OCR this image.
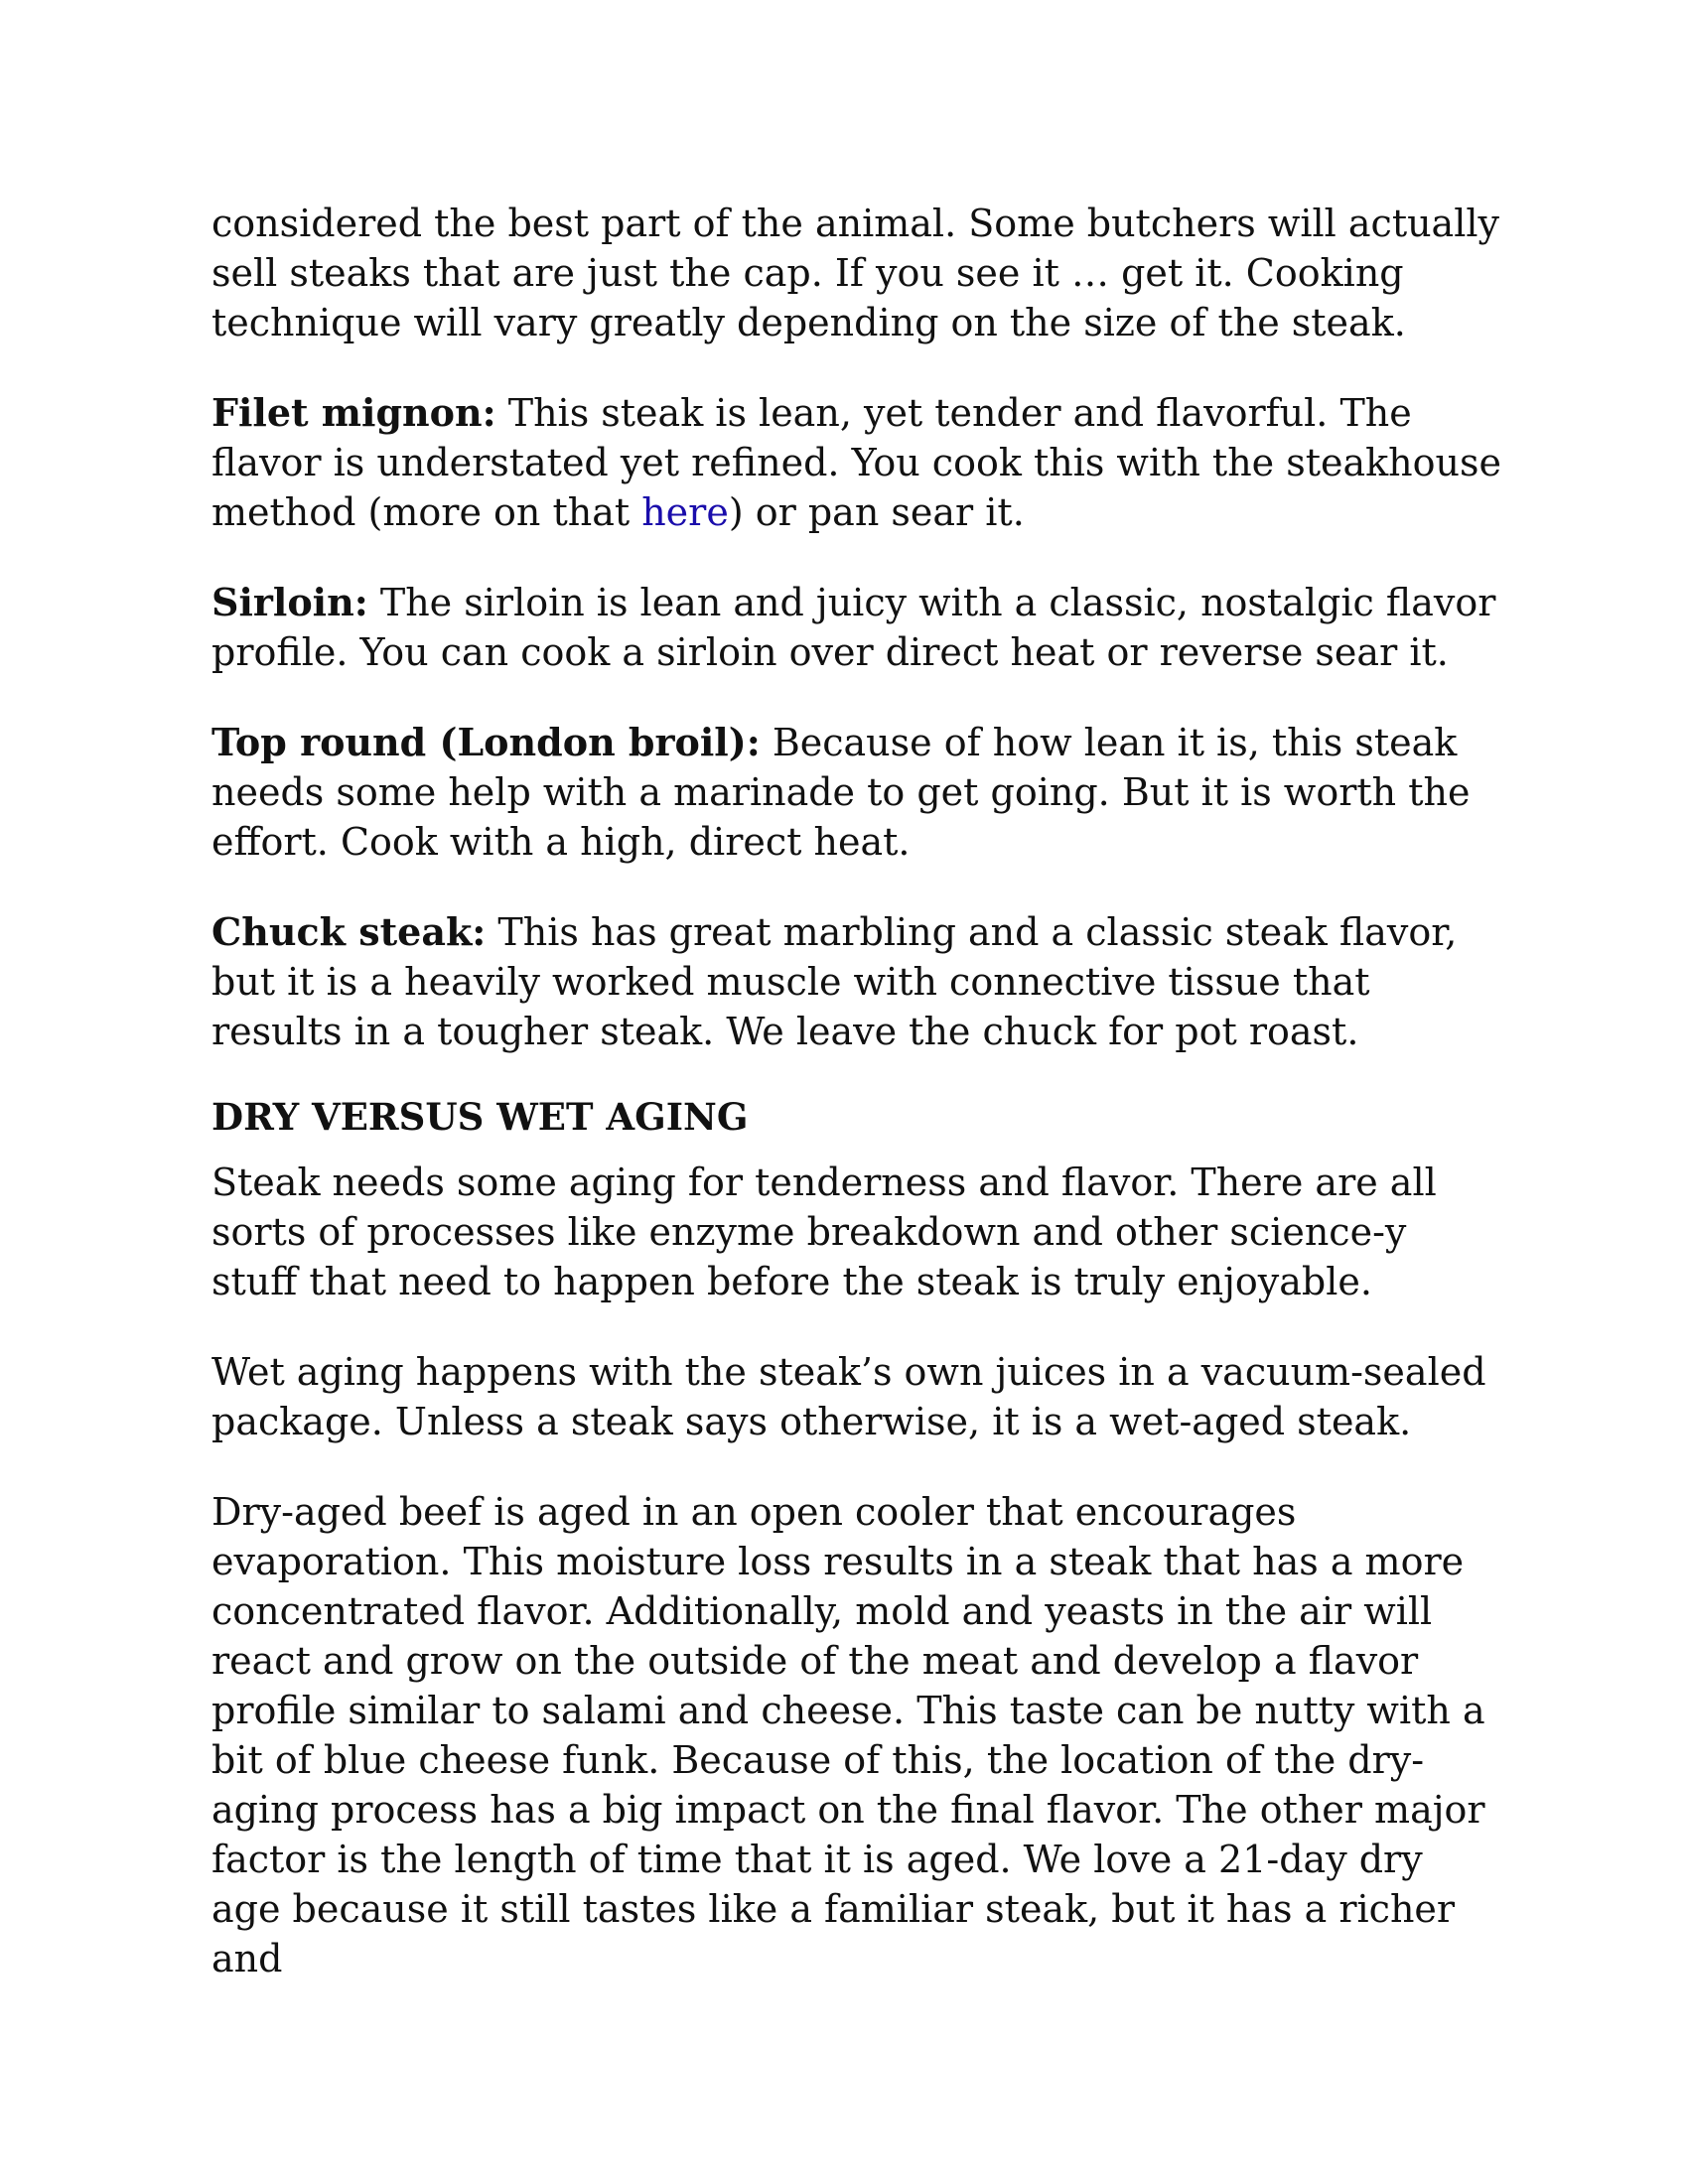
considered the best part of the animal. Some butchers will actually sell steaks that are just the cap. If you see it … get it. Cooking technique will vary greatly depending on the size of the steak.

Filet mignon: This steak is lean, yet tender and flavorful. The flavor is understated yet refined. You cook this with the steakhouse method (more on that here) or pan sear it.

Sirloin: The sirloin is lean and juicy with a classic, nostalgic flavor profile. You can cook a sirloin over direct heat or reverse sear it.

Top round (London broil): Because of how lean it is, this steak needs some help with a marinade to get going. But it is worth the effort. Cook with a high, direct heat.

Chuck steak: This has great marbling and a classic steak flavor, but it is a heavily worked muscle with connective tissue that results in a tougher steak. We leave the chuck for pot roast.

DRY VERSUS WET AGING

Steak needs some aging for tenderness and flavor. There are all sorts of processes like enzyme breakdown and other science-y stuff that need to happen before the steak is truly enjoyable.

Wet aging happens with the steak’s own juices in a vacuum-sealed package. Unless a steak says otherwise, it is a wet-aged steak.

Dry-aged beef is aged in an open cooler that encourages evaporation. This moisture loss results in a steak that has a more concentrated flavor. Additionally, mold and yeasts in the air will react and grow on the outside of the meat and develop a flavor profile similar to salami and cheese. This taste can be nutty with a bit of blue cheese funk. Because of this, the location of the dry-aging process has a big impact on the final flavor. The other major factor is the length of time that it is aged. We love a 21-day dry age because it still tastes like a familiar steak, but it has a richer and
